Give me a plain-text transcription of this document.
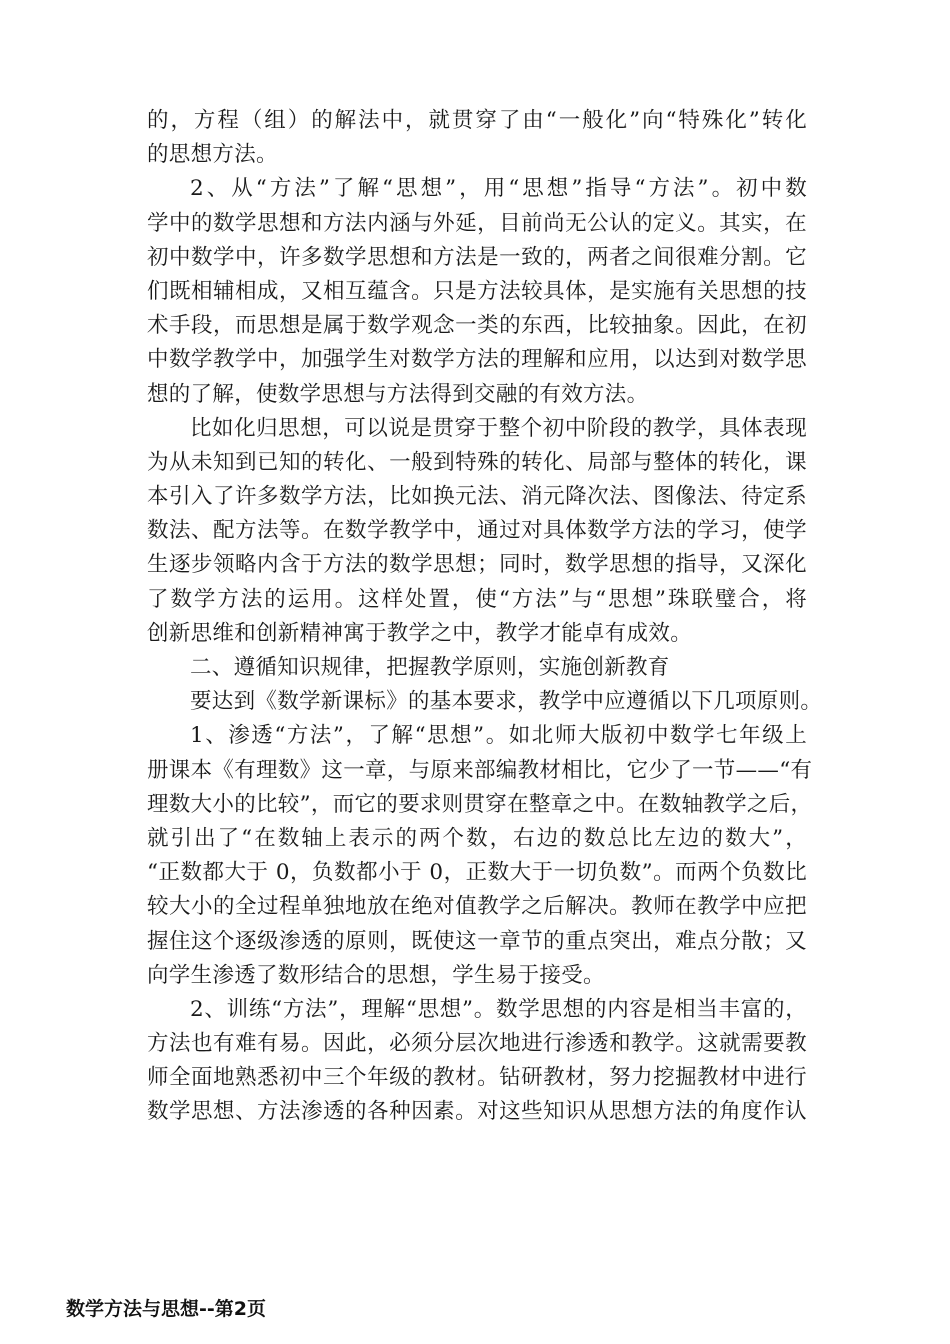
的，方程（组）的解法中，就贯穿了由“一般化”向“特殊化”转化
的思想方法。
2、从“方法”了解“思想”，用“思想”指导“方法”。初中数
学中的数学思想和方法内涵与外延，目前尚无公认的定义。其实，在
初中数学中，许多数学思想和方法是一致的，两者之间很难分割。它
们既相辅相成，又相互蕴含。只是方法较具体，是实施有关思想的技
术手段，而思想是属于数学观念一类的东西，比较抽象。因此，在初
中数学教学中，加强学生对数学方法的理解和应用，以达到对数学思
想的了解，使数学思想与方法得到交融的有效方法。
比如化归思想，可以说是贯穿于整个初中阶段的教学，具体表现
为从未知到已知的转化、一般到特殊的转化、局部与整体的转化，课
本引入了许多数学方法，比如换元法、消元降次法、图像法、待定系
数法、配方法等。在数学教学中，通过对具体数学方法的学习，使学
生逐步领略内含于方法的数学思想；同时，数学思想的指导，又深化
了数学方法的运用。这样处置，使“方法”与“思想”珠联璧合，将
创新思维和创新精神寓于教学之中，教学才能卓有成效。
二、遵循知识规律，把握教学原则，实施创新教育
要达到《数学新课标》的基本要求，教学中应遵循以下几项原则。
1、渗透“方法”，了解“思想”。如北师大版初中数学七年级上
册课本《有理数》这一章，与原来部编教材相比，它少了一节——“有
理数大小的比较”，而它的要求则贯穿在整章之中。在数轴教学之后，
就引出了“在数轴上表示的两个数，右边的数总比左边的数大”，
“正数都大于 0，负数都小于 0，正数大于一切负数”。而两个负数比
较大小的全过程单独地放在绝对值教学之后解决。教师在教学中应把
握住这个逐级渗透的原则，既使这一章节的重点突出，难点分散；又
向学生渗透了数形结合的思想，学生易于接受。
2、训练“方法”，理解“思想”。数学思想的内容是相当丰富的，
方法也有难有易。因此，必须分层次地进行渗透和教学。这就需要教
师全面地熟悉初中三个年级的教材。钻研教材，努力挖掘教材中进行
数学思想、方法渗透的各种因素。对这些知识从思想方法的角度作认
数学方法与思想--第2页
